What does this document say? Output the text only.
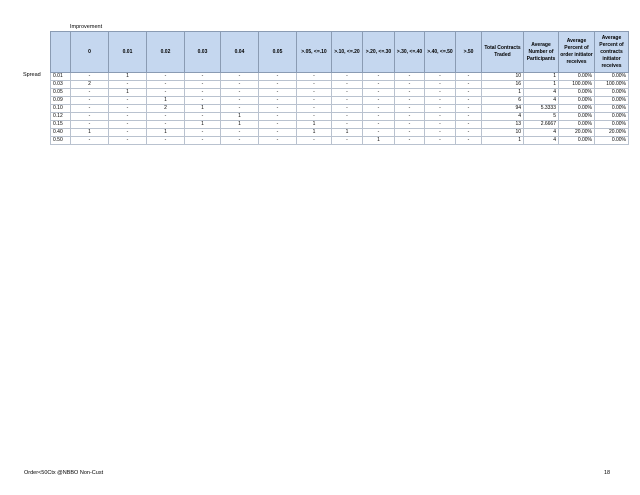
Improvement
Spread
	0	0.01	0.02	0.03	0.04	0.05	>.05, <=.10	>.10, <=.20	>.20, <=.30	>.30, <=.40	>.40, <=.50	>.50	Total Contracts Traded	Average Number of Participants	Average Percent of order initiator receives	Average Percent of contracts initiator receives
0.01	-	1	-	-	-	-	-	-	-	-	-	-	10	1	0.00%	0.00%
0.03	2	-	-	-	-	-	-	-	-	-	-	-	16	1	100.00%	100.00%
0.05	-	1	-	-	-	-	-	-	-	-	-	-	1	4	0.00%	0.00%
0.09	-	-	1	-	-	-	-	-	-	-	-	-	6	4	0.00%	0.00%
0.10	-	-	2	1	-	-	-	-	-	-	-	-	94	5.3333	0.00%	0.00%
0.12	-	-	-	-	1	-	-	-	-	-	-	-	4	5	0.00%	0.00%
0.15	-	-	-	1	1	-	1	-	-	-	-	-	13	2.6667	0.00%	0.00%
0.40	1	-	1	-	-	-	1	1	-	-	-	-	10	4	20.00%	20.00%
0.50	-	-	-	-	-	-	-	-	1	-	-	-	1	4	0.00%	0.00%
Order<50Ctx @NBBO Non-Cust	18
